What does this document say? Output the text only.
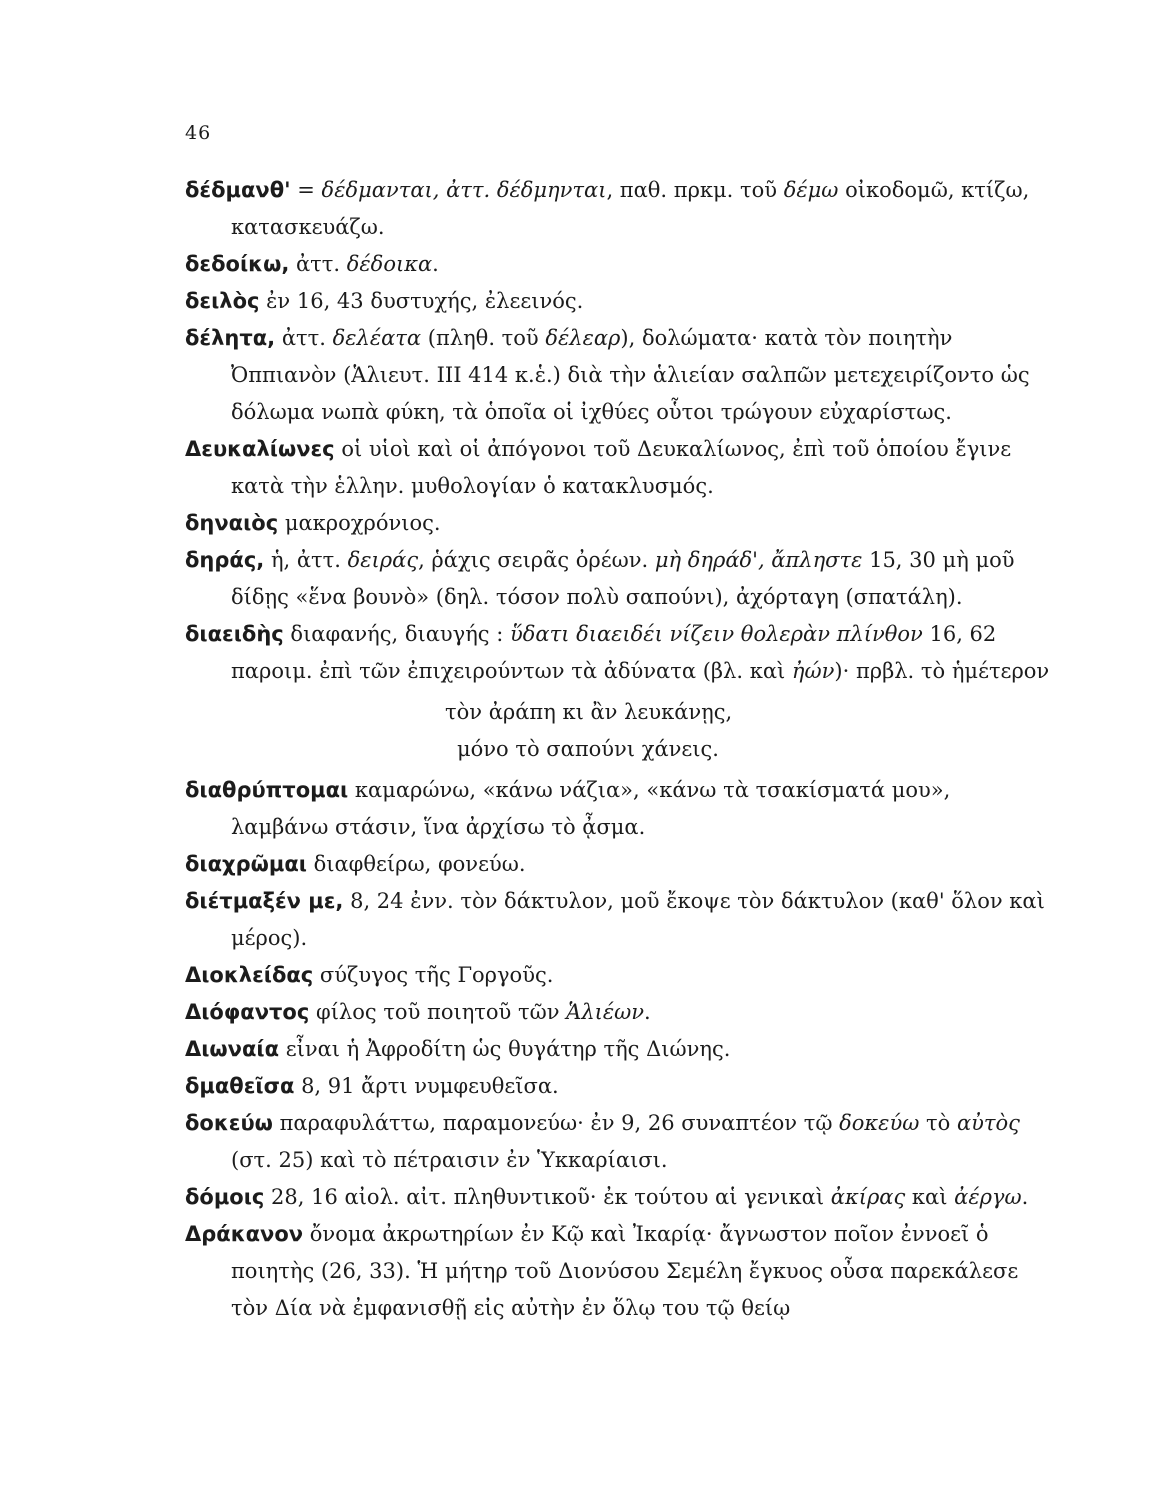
46

δέδμανθ' = δέδμανται, ἀττ. δέδμηνται, παθ. πρκμ. τοῦ δέμω οἰκοδομῶ, κτίζω, κατασκευάζω.

δεδοίκω, ἀττ. δέδοικα.

δειλὸς ἐν 16, 43 δυστυχής, ἐλεεινός.

δέλητα, ἀττ. δελέατα (πληθ. τοῦ δέλεαρ), δολώματα· κατὰ τὸν ποιητὴν Ὀππιανὸν (Ἁλιευτ. ΙΙΙ 414 κ.ἑ.) διὰ τὴν ἁλιείαν σαλπῶν μετεχειρίζοντο ὡς δόλωμα νωπὰ φύκη, τὰ ὁποῖα οἱ ἰχθύες οὗτοι τρώγουν εὐχαρίστως.

Δευκαλίωνες οἱ υἱοὶ καὶ οἱ ἀπόγονοι τοῦ Δευκαλίωνος, ἐπὶ τοῦ ὁποίου ἔγινε κατὰ τὴν ἑλλην. μυθολογίαν ὁ κατακλυσμός.

δηναιὸς μακροχρόνιος.

δηράς, ἡ, ἀττ. δειράς, ῥάχις σειρᾶς ὀρέων. μὴ δηράδ', ἄπληστε 15, 30 μὴ μοῦ δίδῃς «ἕνα βουνὸ» (δηλ. τόσον πολὺ σαπούνι), ἀχόρταγη (σπατάλη).

διαειδὴς διαφανής, διαυγής : ὕδατι διαειδέι νίζειν θολερὰν πλίνθον 16, 62 παροιμ. ἐπὶ τῶν ἐπιχειρούντων τὰ ἀδύνατα (βλ. καὶ ἠών)· πρβλ. τὸ ἡμέτερον

τὸν ἀράπη κι ἂν λευκάνῃς,
μόνο τὸ σαπούνι χάνεις.

διαθρύπτομαι καμαρώνω, «κάνω νάζια», «κάνω τὰ τσακίσματά μου», λαμβάνω στάσιν, ἵνα ἀρχίσω τὸ ᾆσμα.

διαχρῶμαι διαφθείρω, φονεύω.

διέτμαξέν με, 8, 24 ἐνν. τὸν δάκτυλον, μοῦ ἔκοψε τὸν δάκτυλον (καθ' ὅλον καὶ μέρος).

Διοκλείδας σύζυγος τῆς Γοργοῦς.

Διόφαντος φίλος τοῦ ποιητοῦ τῶν Ἁλιέων.

Διωναία εἶναι ἡ Ἀφροδίτη ὡς θυγάτηρ τῆς Διώνης.

δμαθεῖσα 8, 91 ἄρτι νυμφευθεῖσα.

δοκεύω παραφυλάττω, παραμονεύω· ἐν 9, 26 συναπτέον τῷ δοκεύω τὸ αὐτὸς (στ. 25) καὶ τὸ πέτραισιν ἐν Ὑκκαρίαισι.

δόμοις 28, 16 αἰολ. αἰτ. πληθυντικοῦ· ἐκ τούτου αἱ γενικαὶ ἀκίρας καὶ ἀέργω.

Δράκανον ὄνομα ἀκρωτηρίων ἐν Κῷ καὶ Ἰκαρίᾳ· ἄγνωστον ποῖον ἐννοεῖ ὁ ποιητὴς (26, 33). Ἡ μήτηρ τοῦ Διονύσου Σεμέλη ἔγκυος οὖσα παρεκάλεσε τὸν Δία νὰ ἐμφανισθῇ εἰς αὐτὴν ἐν ὅλῳ του τῷ θείῳ
